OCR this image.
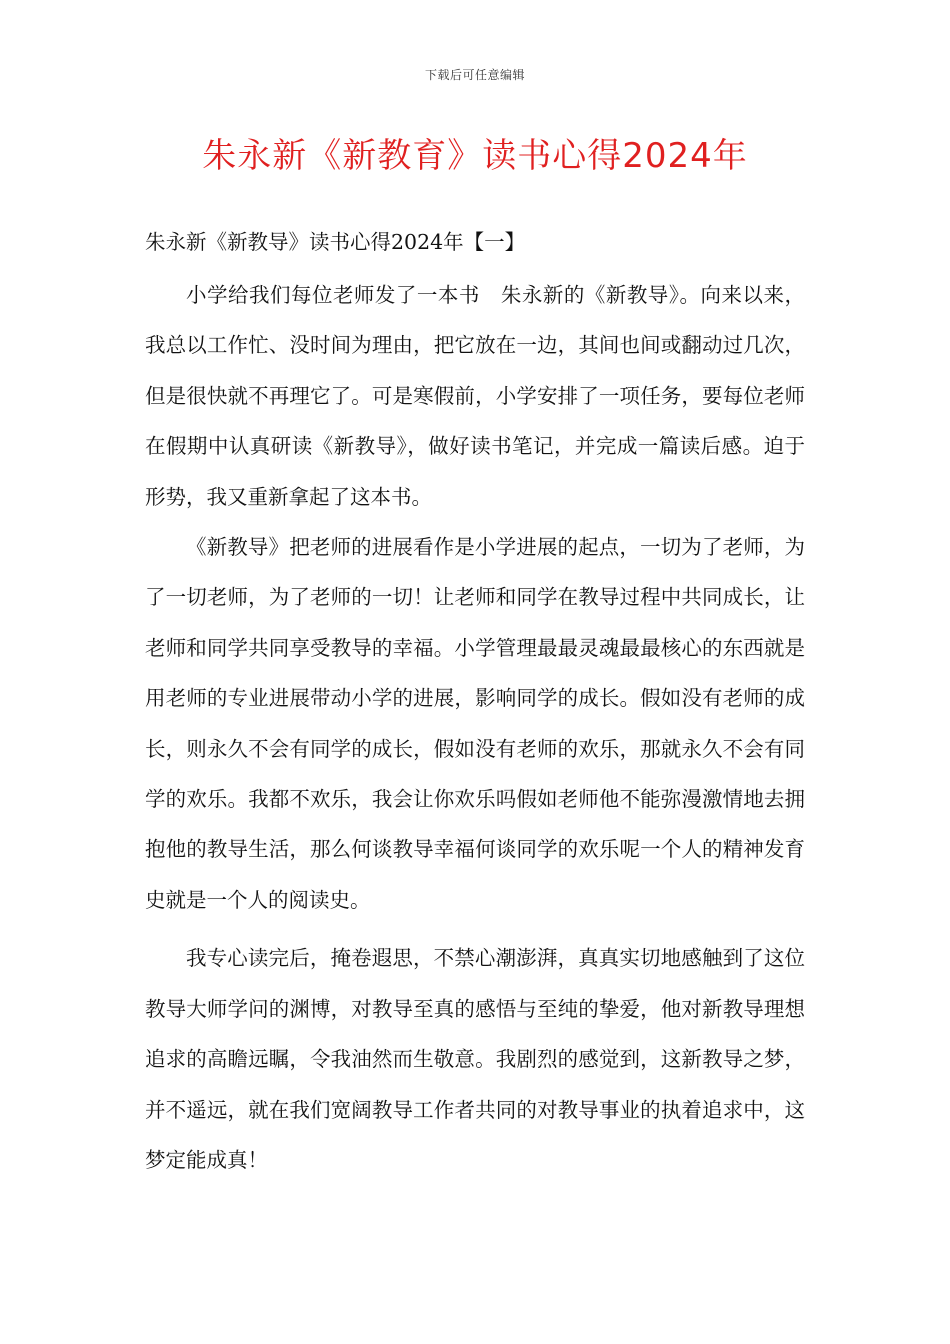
下载后可任意编辑
朱永新《新教育》读书心得2024年

朱永新《新教导》读书心得2024年【一】

小学给我们每位老师发了一本书　朱永新的《新教导》。向来以来，我总以工作忙、没时间为理由，把它放在一边，其间也间或翻动过几次，但是很快就不再理它了。可是寒假前，小学安排了一项任务，要每位老师在假期中认真研读《新教导》，做好读书笔记，并完成一篇读后感。迫于形势，我又重新拿起了这本书。

《新教导》把老师的进展看作是小学进展的起点，一切为了老师，为了一切老师，为了老师的一切！让老师和同学在教导过程中共同成长，让老师和同学共同享受教导的幸福。小学管理最最灵魂最最核心的东西就是用老师的专业进展带动小学的进展，影响同学的成长。假如没有老师的成长，则永久不会有同学的成长，假如没有老师的欢乐，那就永久不会有同学的欢乐。我都不欢乐，我会让你欢乐吗假如老师他不能弥漫激情地去拥抱他的教导生活，那么何谈教导幸福何谈同学的欢乐呢一个人的精神发育史就是一个人的阅读史。

我专心读完后，掩卷遐思，不禁心潮澎湃，真真实切地感触到了这位教导大师学问的渊博，对教导至真的感悟与至纯的挚爱，他对新教导理想追求的高瞻远瞩，令我油然而生敬意。我剧烈的感觉到，这新教导之梦，并不遥远，就在我们宽阔教导工作者共同的对教导事业的执着追求中，这梦定能成真！
